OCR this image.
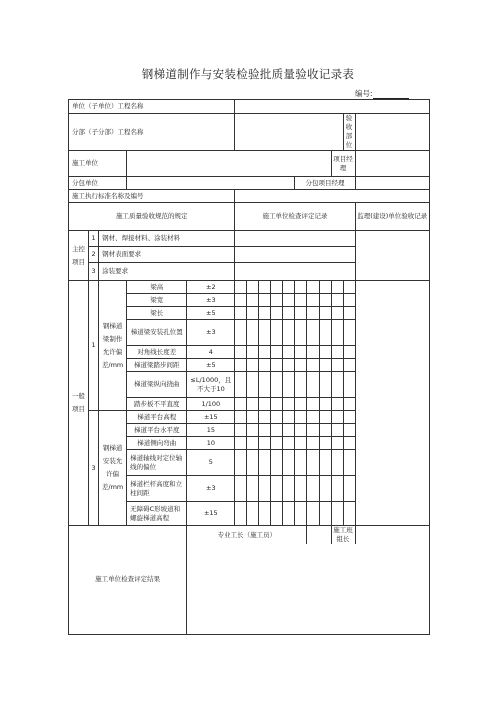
钢梯道制作与安装检验批质量验收记录表
编号:
单位（子单位）工程名称															
分部（子分部）工程名称														验收部位	
施工单位													项目经理		
分包单位										分包项目经理					
施工执行标准名称及编号															
施工质量验收规范的规定					施工单位检查评定记录										监理(建设)单位验收记录
主控项目	1	钢材、焊接材料、涂装材料													
	2	钢材表面要求													
	3	涂装要求													
一般项目	1	钢梯道梁制作允许偏差/mm	梁高	±2											
			梁宽	±3											
			梁长	±5											
			梯道梁安装孔位置	±3											
			对角线长度差	4											
			梯道梁踏步间距	±5											
			梯道梁纵向挠曲	≤L/1000，且不大于10											
			踏步板不平直度	1/100											
	3	钢梯道安装允许偏差/mm	梯道平台高程	±15											
			梯道平台水平度	15											
			梯道侧向弯曲	10											
			梯道轴线对定位轴线的偏位	5											
			梯道栏杆高度和立柱间距	±3											
			无障碍C形坡道和螺旋梯道高程	±15											
施工单位检查评定结果				专业工长（施工员）									施工班组长		
